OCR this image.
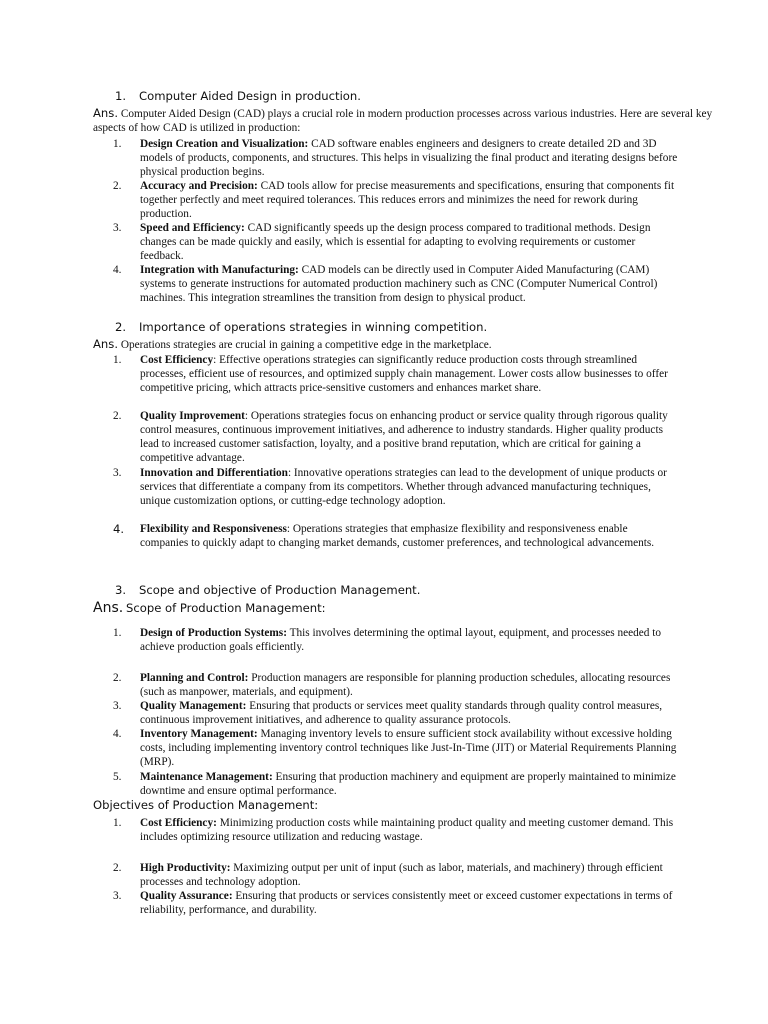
1. Computer Aided Design in production.
Ans. Computer Aided Design (CAD) plays a crucial role in modern production processes across various industries. Here are several key aspects of how CAD is utilized in production:
1.	Design Creation and Visualization: CAD software enables engineers and designers to create detailed 2D and 3D models of products, components, and structures. This helps in visualizing the final product and iterating designs before physical production begins.
2.	Accuracy and Precision: CAD tools allow for precise measurements and specifications, ensuring that components fit together perfectly and meet required tolerances. This reduces errors and minimizes the need for rework during production.
3.	Speed and Efficiency: CAD significantly speeds up the design process compared to traditional methods. Design changes can be made quickly and easily, which is essential for adapting to evolving requirements or customer feedback.
4.	Integration with Manufacturing: CAD models can be directly used in Computer Aided Manufacturing (CAM) systems to generate instructions for automated production machinery such as CNC (Computer Numerical Control) machines. This integration streamlines the transition from design to physical product.
2. Importance of operations strategies in winning competition.
Ans. Operations strategies are crucial in gaining a competitive edge in the marketplace.
1.	Cost Efficiency: Effective operations strategies can significantly reduce production costs through streamlined processes, efficient use of resources, and optimized supply chain management. Lower costs allow businesses to offer competitive pricing, which attracts price-sensitive customers and enhances market share.
2.	Quality Improvement: Operations strategies focus on enhancing product or service quality through rigorous quality control measures, continuous improvement initiatives, and adherence to industry standards. Higher quality products lead to increased customer satisfaction, loyalty, and a positive brand reputation, which are critical for gaining a competitive advantage.
3.	Innovation and Differentiation: Innovative operations strategies can lead to the development of unique products or services that differentiate a company from its competitors. Whether through advanced manufacturing techniques, unique customization options, or cutting-edge technology adoption.
4.	Flexibility and Responsiveness: Operations strategies that emphasize flexibility and responsiveness enable companies to quickly adapt to changing market demands, customer preferences, and technological advancements.
3. Scope and objective of Production Management.
Ans. Scope of Production Management:
1.	Design of Production Systems: This involves determining the optimal layout, equipment, and processes needed to achieve production goals efficiently.
2.	Planning and Control: Production managers are responsible for planning production schedules, allocating resources (such as manpower, materials, and equipment).
3.	Quality Management: Ensuring that products or services meet quality standards through quality control measures, continuous improvement initiatives, and adherence to quality assurance protocols.
4.	Inventory Management: Managing inventory levels to ensure sufficient stock availability without excessive holding costs, including implementing inventory control techniques like Just-In-Time (JIT) or Material Requirements Planning (MRP).
5.	Maintenance Management: Ensuring that production machinery and equipment are properly maintained to minimize downtime and ensure optimal performance.
Objectives of Production Management:
1.	Cost Efficiency: Minimizing production costs while maintaining product quality and meeting customer demand. This includes optimizing resource utilization and reducing wastage.
2.	High Productivity: Maximizing output per unit of input (such as labor, materials, and machinery) through efficient processes and technology adoption.
3.	Quality Assurance: Ensuring that products or services consistently meet or exceed customer expectations in terms of reliability, performance, and durability.
